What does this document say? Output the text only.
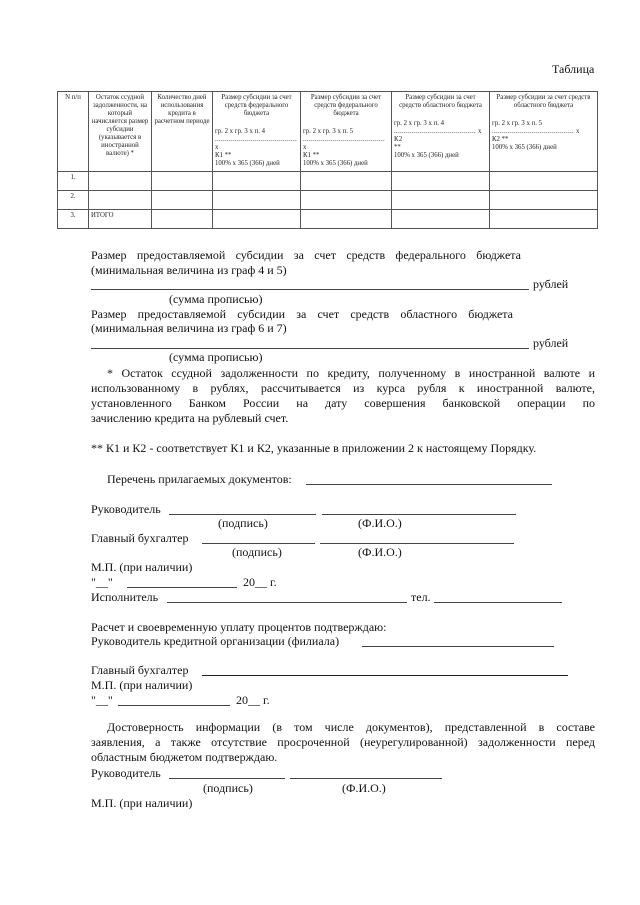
Таблица
N п/п	Остаток ссудной задолженности, на который начисляется размер субсидии (указывается в иностранной валюте) *	Количество дней использования кредита в расчетном периоде	Размер субсидии за счет средств федерального бюджета
гр. 2 x гр. 3 x п. 4
......................................... x
К1 **
100% x 365 (366) дней	Размер субсидии за счет средств федерального бюджета
гр. 2 x гр. 3 x п. 5
......................................... x
К1 **
100% x 365 (366) дней	Размер субсидии за счет средств областного бюджета
гр. 2 x гр. 3 x п. 4
......................................... x К2
**
100% x 365 (366) дней	Размер субсидии за счет средств областного бюджета
гр. 2 x гр. 3 x п. 5
......................................... x
К2 **
100% x 365 (366) дней

1.						
2.						
3.	ИТОГО					
Размер предоставляемой субсидии за счет средств федерального бюджета
(минимальная величина из граф 4 и 5)
рублей
(сумма прописью)
Размер предоставляемой субсидии за счет средств областного бюджета
(минимальная величина из граф 6 и 7)
рублей
(сумма прописью)
* Остаток ссудной задолженности по кредиту, полученному в иностранной валюте и
использованному в рублях, рассчитывается из курса рубля к иностранной валюте,
установленного Банком России на дату совершения банковской операции по
зачислению кредита на рублевый счет.
** К1 и К2 - соответствует К1 и К2, указанные в приложении 2 к настоящему Порядку.
Перечень прилагаемых документов:
Руководитель
(подпись)	(Ф.И.О.)
Главный бухгалтер
(подпись)	(Ф.И.О.)
М.П. (при наличии)
"__"	20__ г.
Исполнитель	тел.
Расчет и своевременную уплату процентов подтверждаю:
Руководитель кредитной организации (филиала)
Главный бухгалтер
М.П. (при наличии)
"__"	20__ г.
Достоверность информации (в том числе документов), представленной в составе
заявления, а также отсутствие просроченной (неурегулированной) задолженности перед
областным бюджетом подтверждаю.
Руководитель
(подпись)	(Ф.И.О.)
М.П. (при наличии)
